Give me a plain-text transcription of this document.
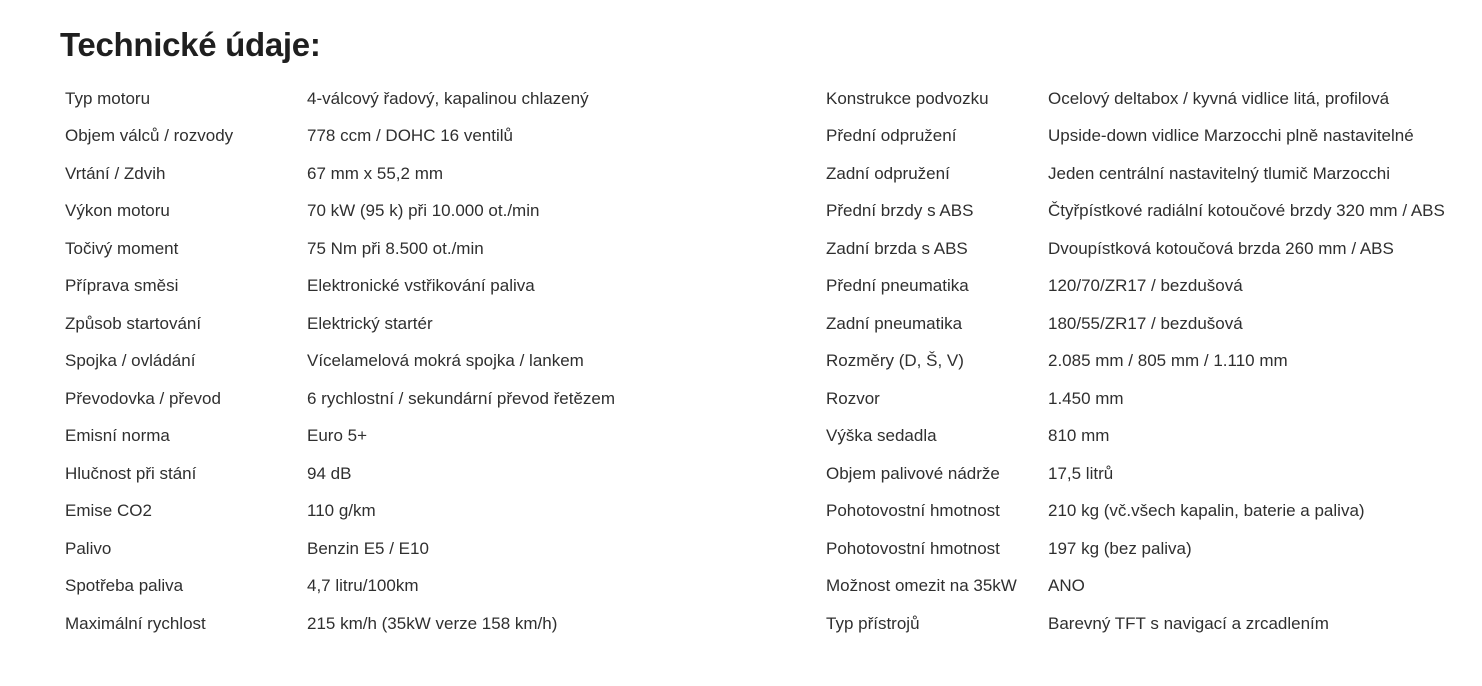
Technické údaje:
Typ motoru	4-válcový řadový, kapalinou chlazený
Objem válců / rozvody	778 ccm / DOHC 16 ventilů
Vrtání / Zdvih	67 mm x 55,2 mm
Výkon motoru	70 kW (95 k) při 10.000 ot./min
Točivý moment	75 Nm při 8.500 ot./min
Příprava směsi	Elektronické vstřikování paliva
Způsob startování	Elektrický startér
Spojka / ovládání	Vícelamelová mokrá spojka / lankem
Převodovka / převod	6 rychlostní / sekundární převod řetězem
Emisní norma	Euro 5+
Hlučnost při stání	94 dB
Emise CO2	110 g/km
Palivo	Benzin E5 / E10
Spotřeba paliva	4,7 litru/100km
Maximální rychlost	215 km/h (35kW verze 158 km/h)
Konstrukce podvozku	Ocelový deltabox / kyvná vidlice litá, profilová
Přední odpružení	Upside-down vidlice Marzocchi plně nastavitelné
Zadní odpružení	Jeden centrální nastavitelný tlumič Marzocchi
Přední brzdy s ABS	Čtyřpístkové radiální kotoučové brzdy 320 mm / ABS
Zadní brzda s ABS	Dvoupístková kotoučová brzda 260 mm / ABS
Přední pneumatika	120/70/ZR17 / bezdušová
Zadní pneumatika	180/55/ZR17 / bezdušová
Rozměry (D, Š, V)	2.085 mm / 805 mm / 1.110 mm
Rozvor	1.450 mm
Výška sedadla	810 mm
Objem palivové nádrže	17,5 litrů
Pohotovostní hmotnost	210 kg (vč.všech kapalin, baterie a paliva)
Pohotovostní hmotnost	197 kg (bez paliva)
Možnost omezit na 35kW	ANO
Typ přístrojů	Barevný TFT s navigací a zrcadlením
